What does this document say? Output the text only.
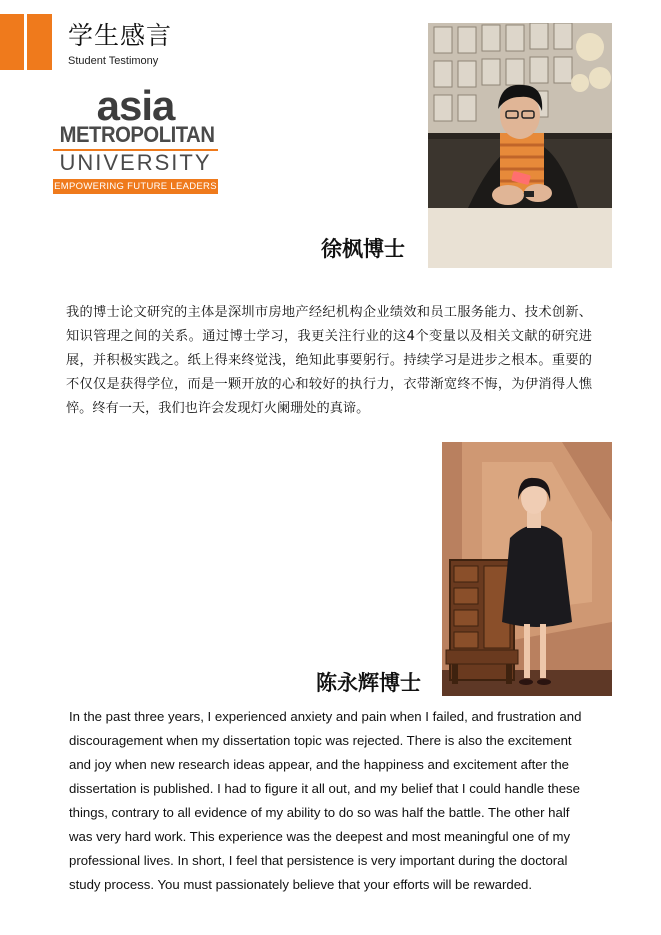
学生感言
Student Testimony
asia
METROPOLITAN
UNIVERSITY
EMPOWERING FUTURE LEADERS
徐枫博士
我的博士论文研究的主体是深圳市房地产经纪机构企业绩效和员工服务能力、技术创新、知识管理之间的关系。通过博士学习，我更关注行业的这4个变量以及相关文献的研究进展，并积极实践之。纸上得来终觉浅，绝知此事要躬行。持续学习是进步之根本。重要的不仅仅是获得学位，而是一颗开放的心和较好的执行力，衣带渐宽终不悔，为伊消得人憔悴。终有一天，我们也许会发现灯火阑珊处的真谛。
陈永辉博士
In the past three years, I experienced anxiety and pain when I failed, and frustration and discouragement when my dissertation topic was rejected. There is also the excitement and joy when new research ideas appear, and the happiness and excitement after the dissertation is published. I had to figure it all out, and my belief that I could handle these things, contrary to all evidence of my ability to do so was half the battle. The other half was very hard work. This experience was the deepest and most meaningful one of my professional lives. In short, I feel that persistence is very important during the doctoral study process. You must passionately believe that your efforts will be rewarded.
